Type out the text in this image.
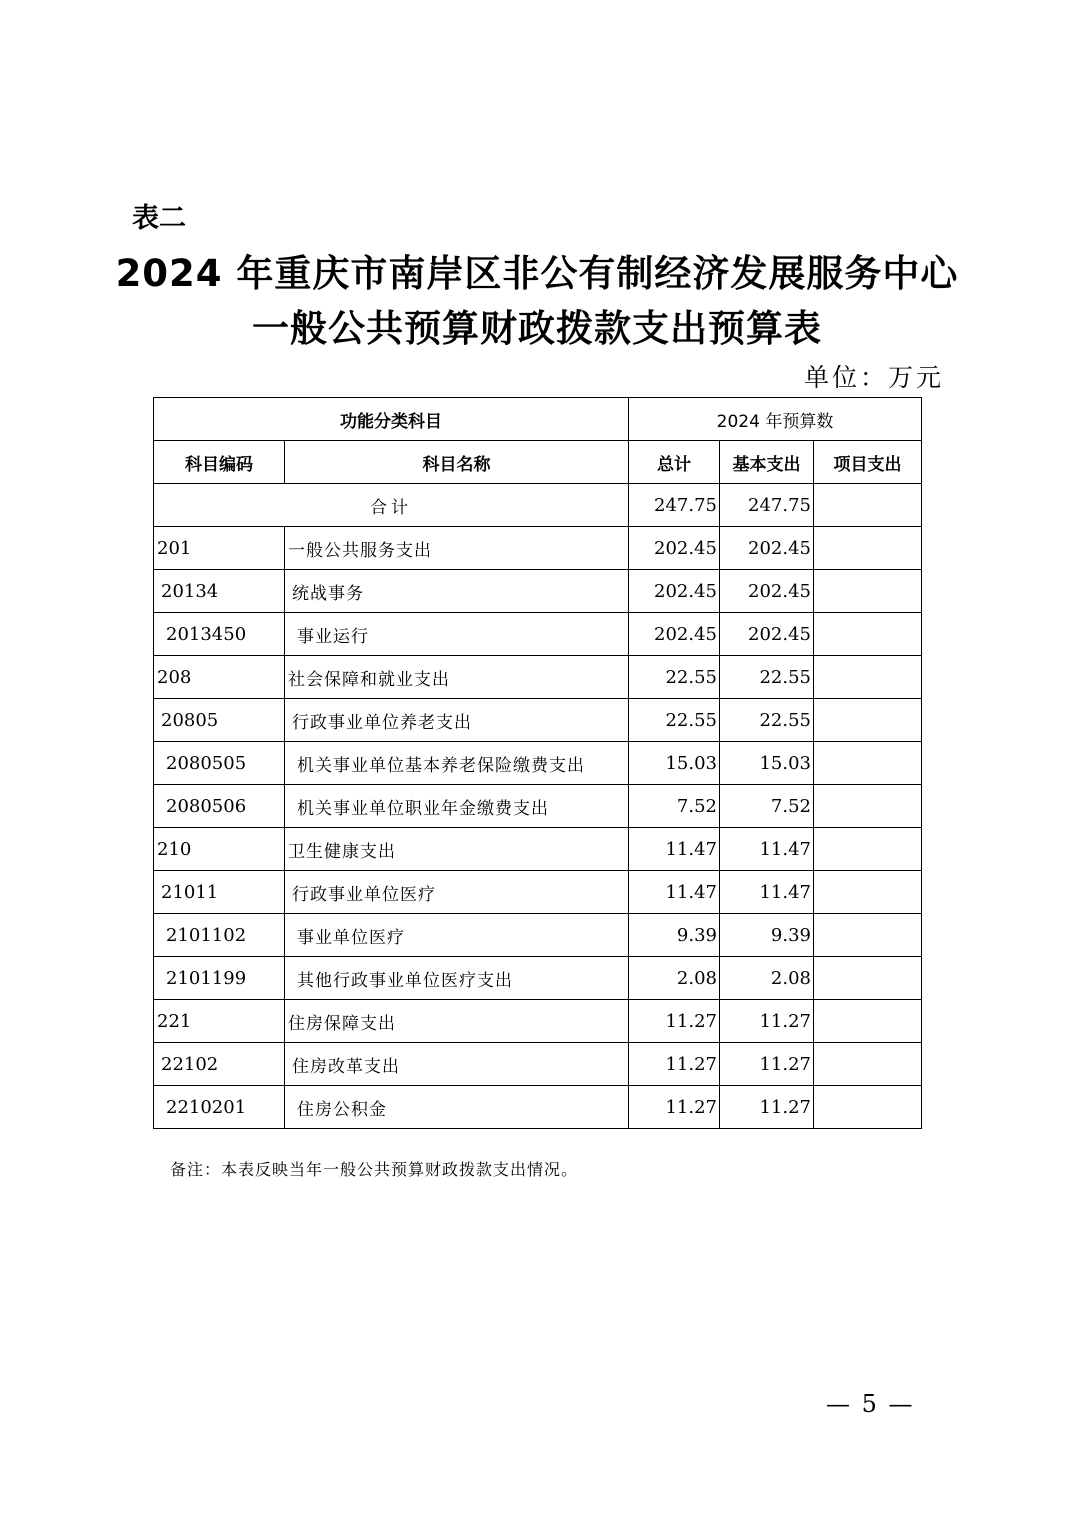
表二
2024 年重庆市南岸区非公有制经济发展服务中心
一般公共预算财政拨款支出预算表
单位：万元
功能分类科目		2024 年预算数		
科目编码	科目名称	总计	基本支出	项目支出
合计		247.75	247.75	
201	一般公共服务支出	202.45	202.45	
20134	统战事务	202.45	202.45	
2013450	事业运行	202.45	202.45	
208	社会保障和就业支出	22.55	22.55	
20805	行政事业单位养老支出	22.55	22.55	
2080505	机关事业单位基本养老保险缴费支出	15.03	15.03	
2080506	机关事业单位职业年金缴费支出	7.52	7.52	
210	卫生健康支出	11.47	11.47	
21011	行政事业单位医疗	11.47	11.47	
2101102	事业单位医疗	9.39	9.39	
2101199	其他行政事业单位医疗支出	2.08	2.08	
221	住房保障支出	11.27	11.27	
22102	住房改革支出	11.27	11.27	
2210201	住房公积金	11.27	11.27	
备注：本表反映当年一般公共预算财政拨款支出情况。
— 5 —
